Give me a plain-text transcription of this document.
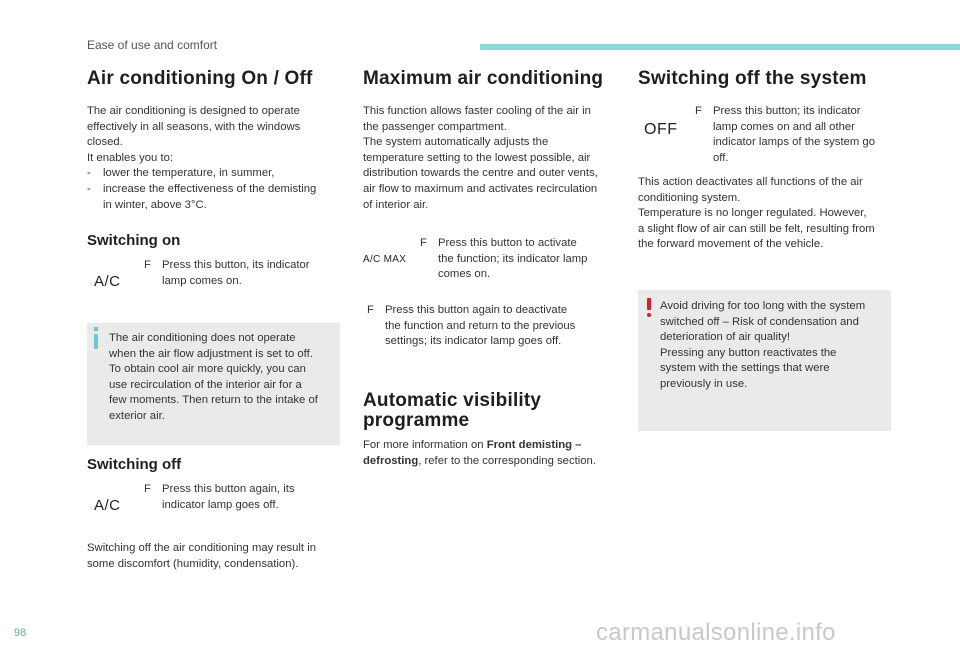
Ease of use and comfort
Air conditioning On / Off

The air conditioning is designed to operate

effectively in all seasons, with the windows

closed.

It enables you to:

-	lower the temperature, in summer,
-	increase the effectiveness of the demisting
in winter, above 3°C.
Switching on
A/C
F Press this button, its indicator
lamp comes on.

The air conditioning does not operate

when the air flow adjustment is set to off.

To obtain cool air more quickly, you can

use recirculation of the interior air for a

few moments. Then return to the intake of

exterior air.

Switching off
A/C
F Press this button again, its
indicator lamp goes off.

Switching off the air conditioning may result in

some discomfort (humidity, condensation).

Maximum air conditioning

This function allows faster cooling of the air in

the passenger compartment.

The system automatically adjusts the

temperature setting to the lowest possible, air

distribution towards the centre and outer vents,

air flow to maximum and activates recirculation

of interior air.

A/C MAX
F Press this button to activate
the function; its indicator lamp
comes on.
F Press this button again to deactivate
the function and return to the previous
settings; its indicator lamp goes off.
Automatic visibility
programme
For more information on Front demisting –
defrosting, refer to the corresponding section.
Switching off the system
OFF
F Press this button; its indicator
lamp comes on and all other
indicator lamps of the system go
off.

This action deactivates all functions of the air

conditioning system.

Temperature is no longer regulated. However,

a slight flow of air can still be felt, resulting from

the forward movement of the vehicle.

Avoid driving for too long with the system

switched off – Risk of condensation and

deterioration of air quality!

Pressing any button reactivates the

system with the settings that were

previously in use.

98	carmanualsonline.info
